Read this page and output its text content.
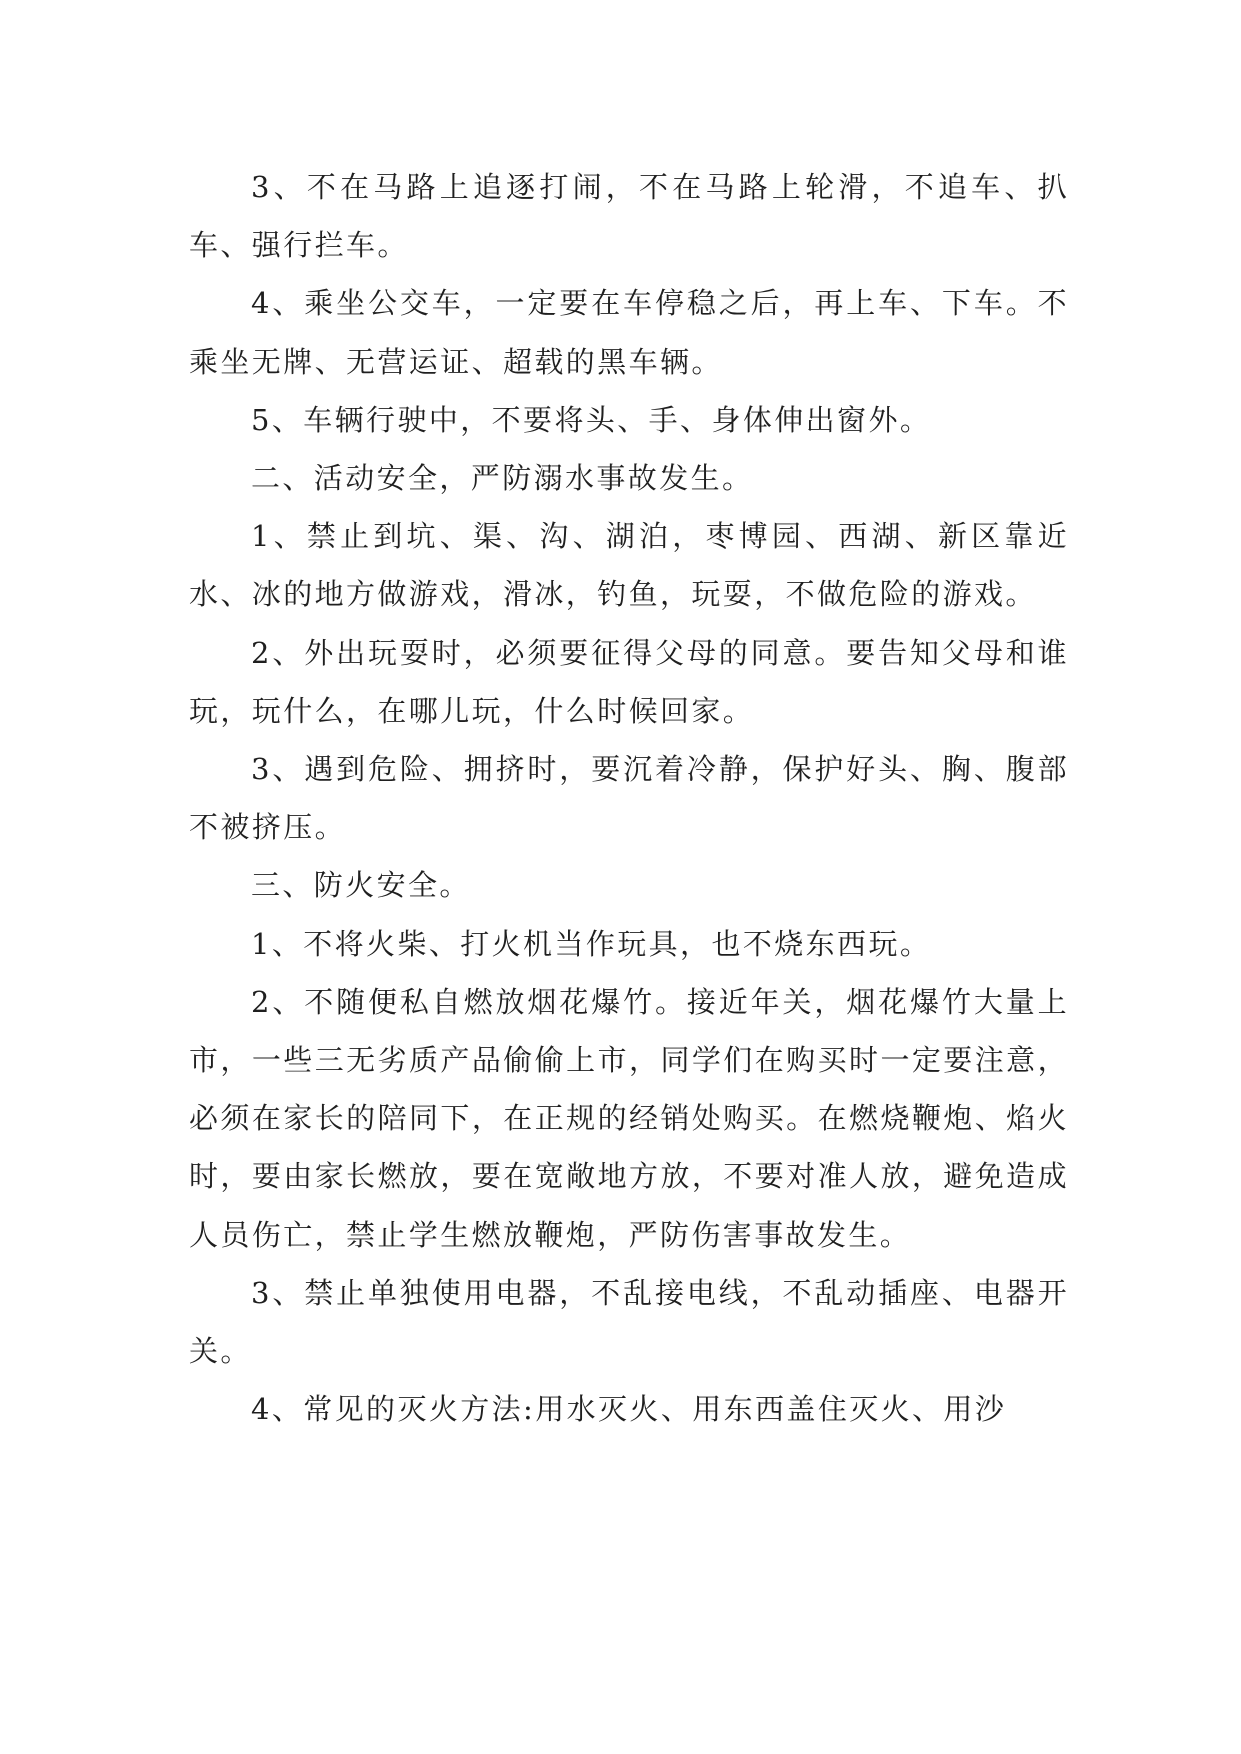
3、不在马路上追逐打闹，不在马路上轮滑，不追车、扒车、强行拦车。

4、乘坐公交车，一定要在车停稳之后，再上车、下车。不乘坐无牌、无营运证、超载的黑车辆。

5、车辆行驶中，不要将头、手、身体伸出窗外。

二、活动安全，严防溺水事故发生。

1、禁止到坑、渠、沟、湖泊，枣博园、西湖、新区靠近水、冰的地方做游戏，滑冰，钓鱼，玩耍，不做危险的游戏。

2、外出玩耍时，必须要征得父母的同意。要告知父母和谁玩，玩什么，在哪儿玩，什么时候回家。

3、遇到危险、拥挤时，要沉着冷静，保护好头、胸、腹部不被挤压。

三、防火安全。

1、不将火柴、打火机当作玩具，也不烧东西玩。

2、不随便私自燃放烟花爆竹。接近年关，烟花爆竹大量上市，一些三无劣质产品偷偷上市，同学们在购买时一定要注意，必须在家长的陪同下，在正规的经销处购买。在燃烧鞭炮、焰火时，要由家长燃放，要在宽敞地方放，不要对准人放，避免造成人员伤亡，禁止学生燃放鞭炮，严防伤害事故发生。

3、禁止单独使用电器，不乱接电线，不乱动插座、电器开关。

4、常见的灭火方法:用水灭火、用东西盖住灭火、用沙
